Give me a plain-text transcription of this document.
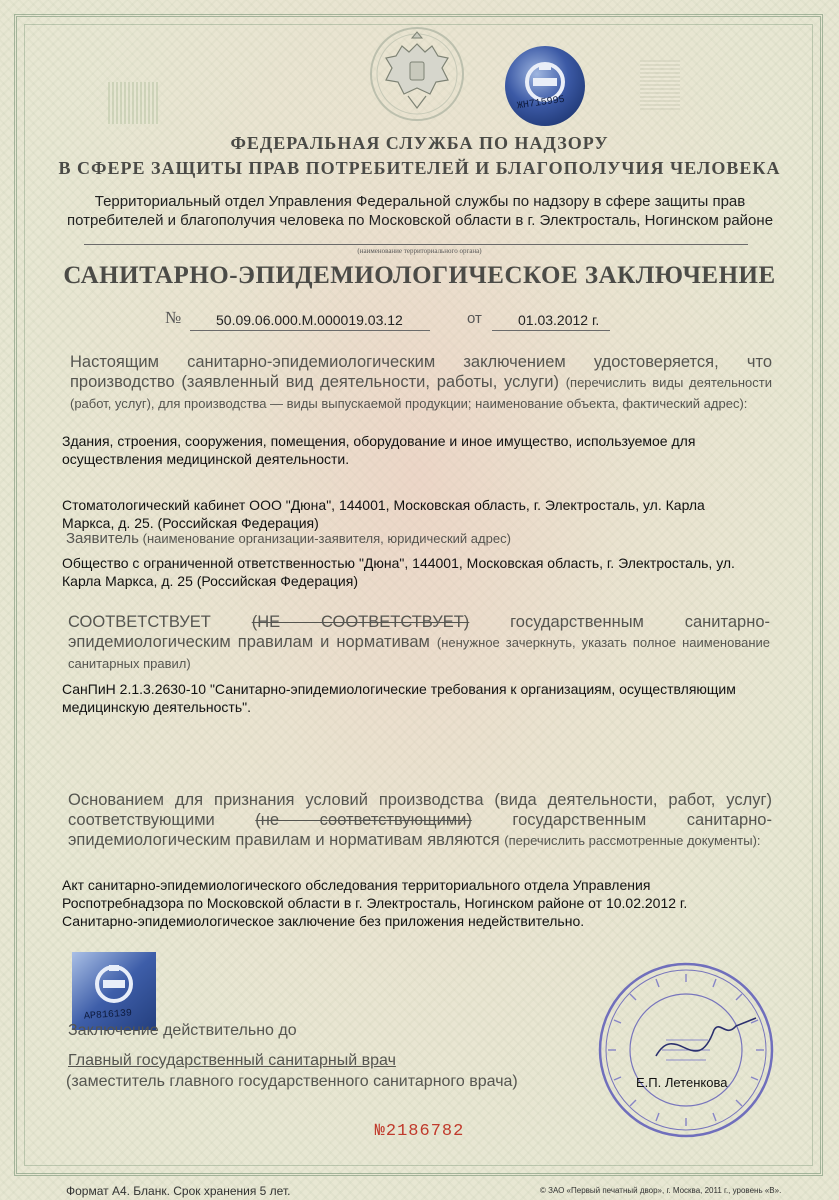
ЖН715995
ФЕДЕРАЛЬНАЯ СЛУЖБА ПО НАДЗОРУ
В СФЕРЕ ЗАЩИТЫ ПРАВ ПОТРЕБИТЕЛЕЙ И БЛАГОПОЛУЧИЯ ЧЕЛОВЕКА
Территориальный отдел Управления Федеральной службы по надзору в сфере защиты прав
потребителей и благополучия человека по Московской области в г. Электросталь, Ногинском районе
(наименование территориального органа)
САНИТАРНО-ЭПИДЕМИОЛОГИЧЕСКОЕ ЗАКЛЮЧЕНИЕ
№ 50.09.06.000.М.000019.03.12	от	01.03.2012 г.
Настоящим санитарно-эпидемиологическим заключением удостоверяется, что производство (заявленный вид деятельности, работы, услуги) (перечислить виды деятельности (работ, услуг), для производства — виды выпускаемой продукции; наименование объекта, фактический адрес):
Здания, строения, сооружения, помещения, оборудование и иное имущество, используемое для
осуществления медицинской деятельности.
Стоматологический кабинет ООО "Дюна", 144001, Московская область, г. Электросталь, ул. Карла
Маркса, д. 25. (Российская Федерация)
Заявитель (наименование организации-заявителя, юридический адрес)
Общество с ограниченной ответственностью "Дюна", 144001, Московская область, г. Электросталь, ул.
Карла Маркса, д. 25 (Российская Федерация)
СООТВЕТСТВУЕТ (НЕ СООТВЕТСТВУЕТ) государственным санитарно-эпидемиологическим правилам и нормативам (ненужное зачеркнуть, указать полное наименование санитарных правил)
СанПиН 2.1.3.2630-10 "Санитарно-эпидемиологические требования к организациям, осуществляющим
медицинскую деятельность".
Основанием для признания условий производства (вида деятельности, работ, услуг) соответствующими (не соответствующими) государственным санитарно-эпидемиологическим правилам и нормативам являются (перечислить рассмотренные документы):
Акт санитарно-эпидемиологического обследования территориального отдела Управления
Роспотребнадзора по Московской области в г. Электросталь, Ногинском районе от 10.02.2012 г.
Санитарно-эпидемиологическое заключение без приложения недействительно.
АР816139
Заключение действительно до
Главный государственный санитарный врач
(заместитель главного государственного санитарного врача)	Е.П. Летенкова
№2186782
Формат А4. Бланк. Срок хранения 5 лет.	© ЗАО «Первый печатный двор», г. Москва, 2011 г., уровень «В».
